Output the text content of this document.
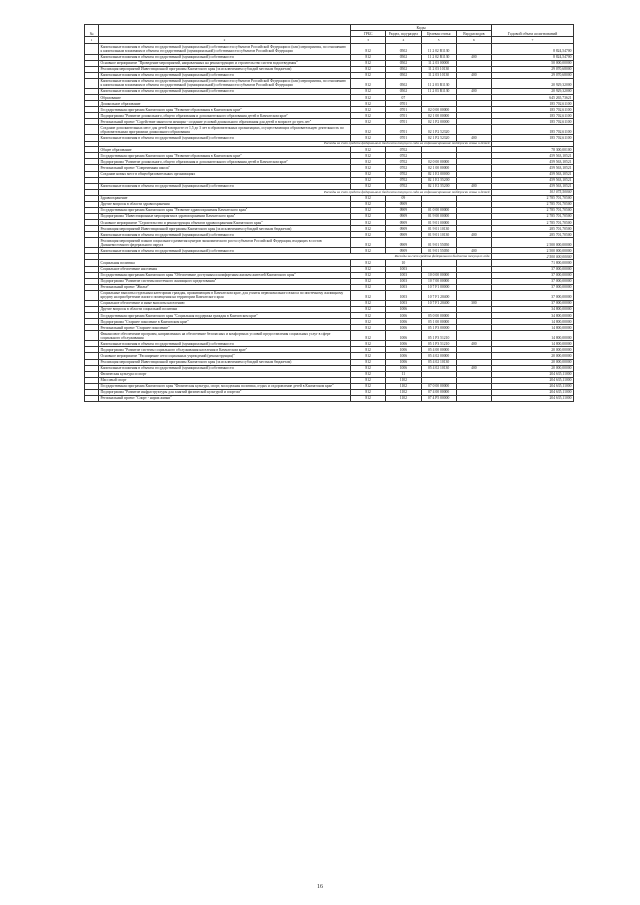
№		Коды				Годовой объем ассигнований
		ГРБС	Раздел, под-раздел	Целевая статья	Вид расходов	
1	2	3	4	5	6	7
	Капитальные вложения в объекты государственной (муниципальной) собственности субъектов Российской Федерации и (или) мероприятия, по отношению к капитальным вложениям в объекты государственной (муниципальной) собственности субъектов Российской Федерации	812	0502	11 2 02 R1130		8 824,54700
	Капитальные вложения в объекты государственной (муниципальной) собственности	812	0502	11 2 02 R1130	400	8 824,54700
	Основное мероприятие "Проведение мероприятий, направленных на реконструкцию и строительство систем водоотведения"	812	0502	11 2 03 00000		50 000,00000
	Реализация мероприятий Инвестиционной программы Камчатского края (за исключением субсидий местным бюджетам)	812	0502	11 2 03 10130		29 070,68000
	Капитальные вложения в объекты государственной (муниципальной) собственности	812	0502	11 2 03 10130	400	29 070,68000
	Капитальные вложения в объекты государственной (муниципальной) собственности субъектов Российской Федерации и (или) мероприятия, по отношению к капитальным вложениям в объекты государственной (муниципальной) собственности субъектов Российской Федерации	812	0502	11 2 03 R1130		20 929,32000
	Капитальные вложения в объекты государственной (муниципальной) собственности	812	0502	11 2 03 R1130	400	20 929,32000
	Образование	812	07			645 265,73621
	Дошкольное образование	812	0701			185 702,61100
	Государственная программа Камчатского края "Развитие образования в Камчатском крае"	812	0701	02 0 00 00000		185 702,61100
	Подпрограмма "Развитие дошкольного, общего образования и дополнительного образования детей в Камчатском крае"	812	0701	02 1 00 00000		185 702,61100
	Региональный проект "Содействие занятости женщин - создание условий дошкольного образования для детей в возрасте до трех лет"	812	0701	02 1 P2 00000		185 702,61100
	Создание дополнительных мест для детей в возрасте от 1,5 до 3 лет в образовательных организациях, осуществляющих образовательную деятельность по образовательным программам дошкольного образования	812	0701	02 1 P2 52320		185 702,61100
	Капитальные вложения в объекты государственной (муниципальной) собственности	812	0701	02 1 P2 52320	400	185 702,61100
	Расходы за счет средств федерального бюджета текущего года на софинансирование поддержки семьи и детей					
	Общее образование	812	0702			78 300,00100
	Государственная программа Камчатского края "Развитие образования в Камчатском крае"	812	0702			459 563,10521
	Подпрограмма "Развитие дошкольного, общего образования и дополнительного образования детей в Камчатском крае"	812	0702	02 0 00 00000		459 563,10521
	Региональный проект "Современная школа"	812	0702	02 1 00 00000		459 563,10521
	Создание новых мест в общеобразовательных организациях	812	0702	02 1 E1 00000		459 563,10521
		812	0702	02 1 E1 55200		459 563,10521
	Капитальные вложения в объекты государственной (муниципальной) собственности	812	0702	02 1 E1 55200	400	459 563,10521
	Расходы за счет средств федерального бюджета текущего года на софинансирование поддержки семьи и детей					101 075,50000
	Здравоохранение	812	09			2 785 701,70500
	Другие вопросы в области здравоохранения	812	0909			2 785 701,70500
	Государственная программа Камчатского края "Развитие здравоохранения Камчатского края"	812	0909	01 0 00 00000		2 785 701,70500
	Подпрограмма "Инвестиционные мероприятия в здравоохранении Камчатского края"	812	0909	01 9 00 00000		2 785 701,70500
	Основное мероприятие "Строительство и реконструкция объектов здравоохранения Камчатского края"	812	0909	01 9 01 00000		2 785 701,70500
	Реализация мероприятий Инвестиционной программы Камчатского края (за исключением субсидий местным бюджетам)	812	0909	01 9 01 10130		285 701,70500
	Капитальные вложения в объекты государственной (муниципальной) собственности	812	0909	01 9 01 10130	400	285 701,70500
	Реализация мероприятий планов социального развития центров экономического роста субъектов Российской Федерации, входящих в состав Дальневосточного федерального округа	812	0909	01 9 01 55050		2 500 000,00000
	Капитальные вложения в объекты государственной (муниципальной) собственности	812	0909	01 9 01 55050	400	2 500 000,00000
	Расходы за счет средств федерального бюджета текущего года					2 500 000,00000
	Социальная политика	812	10			71 800,00000
	Социальное обеспечение населения	812	1003			37 000,00000
	Государственная программа Камчатского края "Обеспечение доступным и комфортным жильем жителей Камчатского края"	812	1003	10 0 00 00000		37 000,00000
	Подпрограмма "Развитие системы ипотечного жилищного кредитования"	812	1003	10 7 00 00000		37 000,00000
	Региональный проект "Жилье"	812	1003	10 7 F1 00000		37 000,00000
	Социальные выплаты отдельным категориям граждан, проживающим в Камчатском крае, для уплаты первоначального взноса по ипотечному жилищному кредиту на приобретение жилого помещения на территории Камчатского края	812	1003	10 7 F1 20400		37 000,00000
	Социальное обеспечение и иные выплаты населению	812	1003	10 7 F1 20400	300	37 000,00000
	Другие вопросы в области социальной политики	812	1006			34 800,00000
	Государственная программа Камчатского края "Социальная поддержка граждан в Камчатском крае"	812	1006	05 0 00 00000		34 800,00000
	Подпрограмма "Старшее поколение в Камчатском крае"	812	1006	05 1 00 00000		14 800,00000
	Региональный проект "Старшее поколение"	812	1006	05 1 P3 00000		14 800,00000
	Финансовое обеспечение программ, направленных на обеспечение безопасных и комфортных условий предоставления социальных услуг в сфере социального обслуживания	812	1006	05 1 P3 51210		14 800,00000
	Капитальные вложения в объекты государственной (муниципальной) собственности	812	1006	05 1 P3 51210	400	14 800,00000
	Подпрограмма "Развитие системы социального обслуживания населения в Камчатском крае"	812	1006	05 4 00 00000		20 000,00000
	Основное мероприятие "Расширение сети социальных учреждений (реконструкция)"	812	1006	05 4 02 00000		20 000,00000
	Реализация мероприятий Инвестиционной программы Камчатского края (за исключением субсидий местным бюджетам)	812	1006	05 4 02 10130		20 000,00000
	Капитальные вложения в объекты государственной (муниципальной) собственности	812	1006	05 4 02 10130	400	20 000,00000
	Физическая культура и спорт	812	11			204 635,11000
	Массовый спорт	812	1102			204 635,11000
	Государственная программа Камчатского края "Физическая культура, спорт, молодежная политика, отдых и оздоровление детей в Камчатском крае"	812	1102	07 0 00 00000		204 635,11000
	Подпрограмма "Развитие инфраструктуры для занятий физической культурой и спортом"	812	1102	07 4 00 00000		204 635,11000
	Региональный проект "Спорт - норма жизни"	812	1102	07 4 P5 00000		204 635,11000
16
